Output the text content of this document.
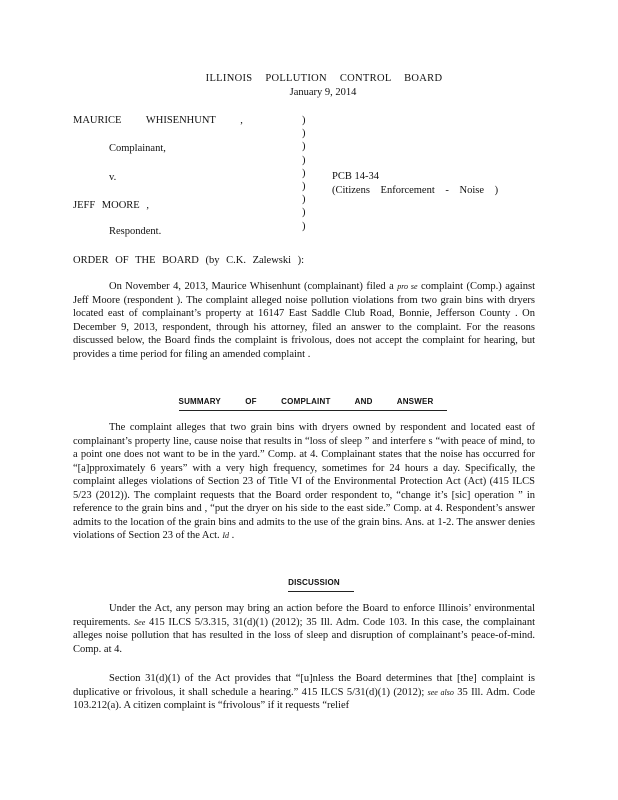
ILLINOIS POLLUTION CONTROL BOARD
January 9, 2014
MAURICE WHISENHUNT ,
Complainant,
v.
JEFF MOORE ,
Respondent.
)
)
)
)
)
)
)
)
)
PCB 14-34
(Citizens Enforcement - Noise )
ORDER OF THE BOARD (by C.K. Zalewski ):

On November 4, 2013, Maurice Whisenhunt (complainant) filed a pro se complaint (Comp.) against Jeff Moore (respondent ). The complaint alleged noise pollution violations from two grain bins with dryers located east of complainant’s property at 16147 East Saddle Club Road, Bonnie, Jefferson County . On December 9, 2013, respondent, through his attorney, filed an answer to the complaint. For the reasons discussed below, the Board finds the complaint is frivolous, does not accept the complaint for hearing, but provides a time period for filing an amended complaint .

SUMMARY OF COMPLAINT AND ANSWER

The complaint alleges that two grain bins with dryers owned by respondent and located east of complainant’s property line, cause noise that results in “loss of sleep ” and interfere s “with peace of mind, to a point one does not want to be in the yard.” Comp. at 4. Complainant states that the noise has occurred for “[a]pproximately 6 years” with a very high frequency, sometimes for 24 hours a day. Specifically, the complaint alleges violations of Section 23 of Title VI of the Environmental Protection Act (Act) (415 ILCS 5/23 (2012)). The complaint requests that the Board order respondent to, “change it’s [sic] operation ” in reference to the grain bins and , “put the dryer on his side to the east side.” Comp. at 4. Respondent’s answer admits to the location of the grain bins and admits to the use of the grain bins. Ans. at 1-2. The answer denies violations of Section 23 of the Act. Id .

DISCUSSION

Under the Act, any person may bring an action before the Board to enforce Illinois’ environmental requirements. See 415 ILCS 5/3.315, 31(d)(1) (2012); 35 Ill. Adm. Code 103. In this case, the complainant alleges noise pollution that has resulted in the loss of sleep and disruption of complainant’s peace-of-mind. Comp. at 4.

Section 31(d)(1) of the Act provides that “[u]nless the Board determines that [the] complaint is duplicative or frivolous, it shall schedule a hearing.” 415 ILCS 5/31(d)(1) (2012); see also 35 Ill. Adm. Code 103.212(a). A citizen complaint is “frivolous” if it requests “relief
